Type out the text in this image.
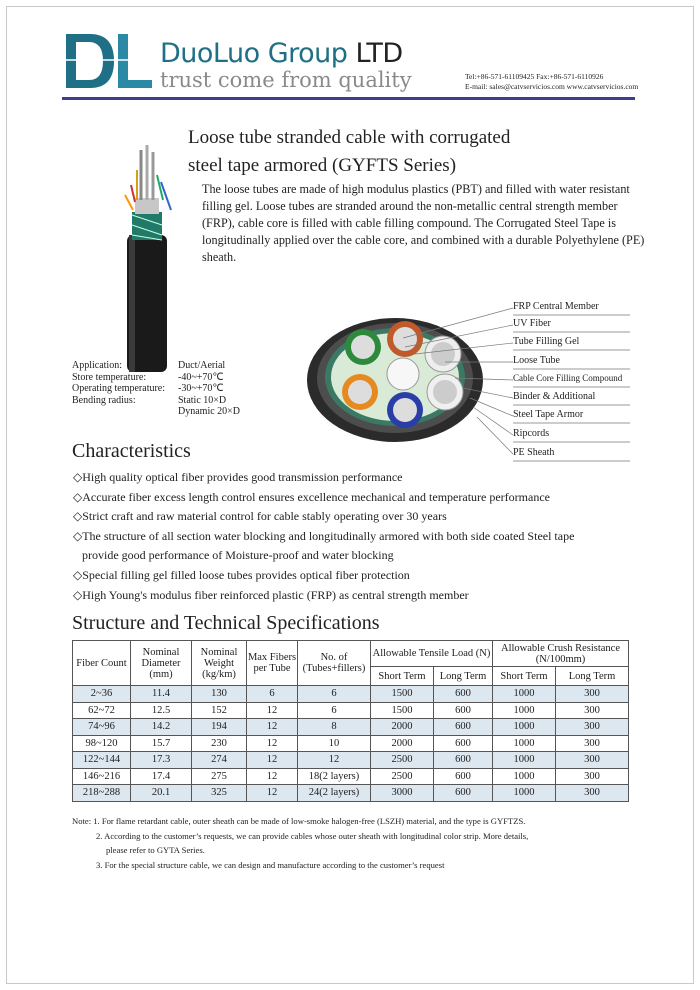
DuoLuo Group LTD
trust come from quality	Tel:+86-571-61109425 Fax:+86-571-6110926
E-mail: sales@catvservicios.com www.catvservicios.com
Loose tube stranded cable with corrugated
steel tape armored (GYFTS Series)
The loose tubes are made of high modulus plastics (PBT) and filled with water resistant filling gel. Loose tubes are stranded around the non-metallic central strength member (FRP), cable core is filled with cable filling compound. The Corrugated Steel Tape is longitudinally applied over the cable core, and combined with a durable Polyethylene (PE) sheath.
Application:	Duct/Aerial
Store temperature:	-40~+70℃
Operating temperature: -30~+70℃
Bending radius:	Static 10×D
Dynamic 20×D
FRP Central Member
UV Fiber
Tube Filling Gel
Loose Tube
Cable Core Filling Compound
Binder & Additional
Steel Tape Armor
Ripcords
PE Sheath
Characteristics
◇High quality optical fiber provides good transmission performance
◇Accurate fiber excess length control ensures excellence mechanical and temperature performance
◇Strict craft and raw material control for cable stably operating over 30 years
◇The structure of all section water blocking and longitudinally armored with both side coated Steel tape
provide good performance of Moisture-proof and water blocking
◇Special filling gel filled loose tubes provides optical fiber protection
◇High Young's modulus fiber reinforced plastic (FRP) as central strength member
Structure and Technical Specifications
Fiber Count	Nominal Diameter (mm)	Nominal Weight (kg/km)	Max Fibers per Tube	No. of (Tubes+fillers)	Allowable Tensile Load (N)		Allowable Crush Resistance (N/100mm)	
					Short Term	Long Term	Short Term	Long Term
2~36	11.4	130	6	6	1500	600	1000	300
62~72	12.5	152	12	6	1500	600	1000	300
74~96	14.2	194	12	8	2000	600	1000	300
98~120	15.7	230	12	10	2000	600	1000	300
122~144	17.3	274	12	12	2500	600	1000	300
146~216	17.4	275	12	18(2 layers)	2500	600	1000	300
218~288	20.1	325	12	24(2 layers)	3000	600	1000	300
Note: 1. For flame retardant cable, outer sheath can be made of low-smoke halogen-free (LSZH) material, and the type is GYFTZS.
2. According to the customer’s requests, we can provide cables whose outer sheath with longitudinal color strip. More details,
please refer to GYTA Series.
3. For the special structure cable, we can design and manufacture according to the customer’s request
